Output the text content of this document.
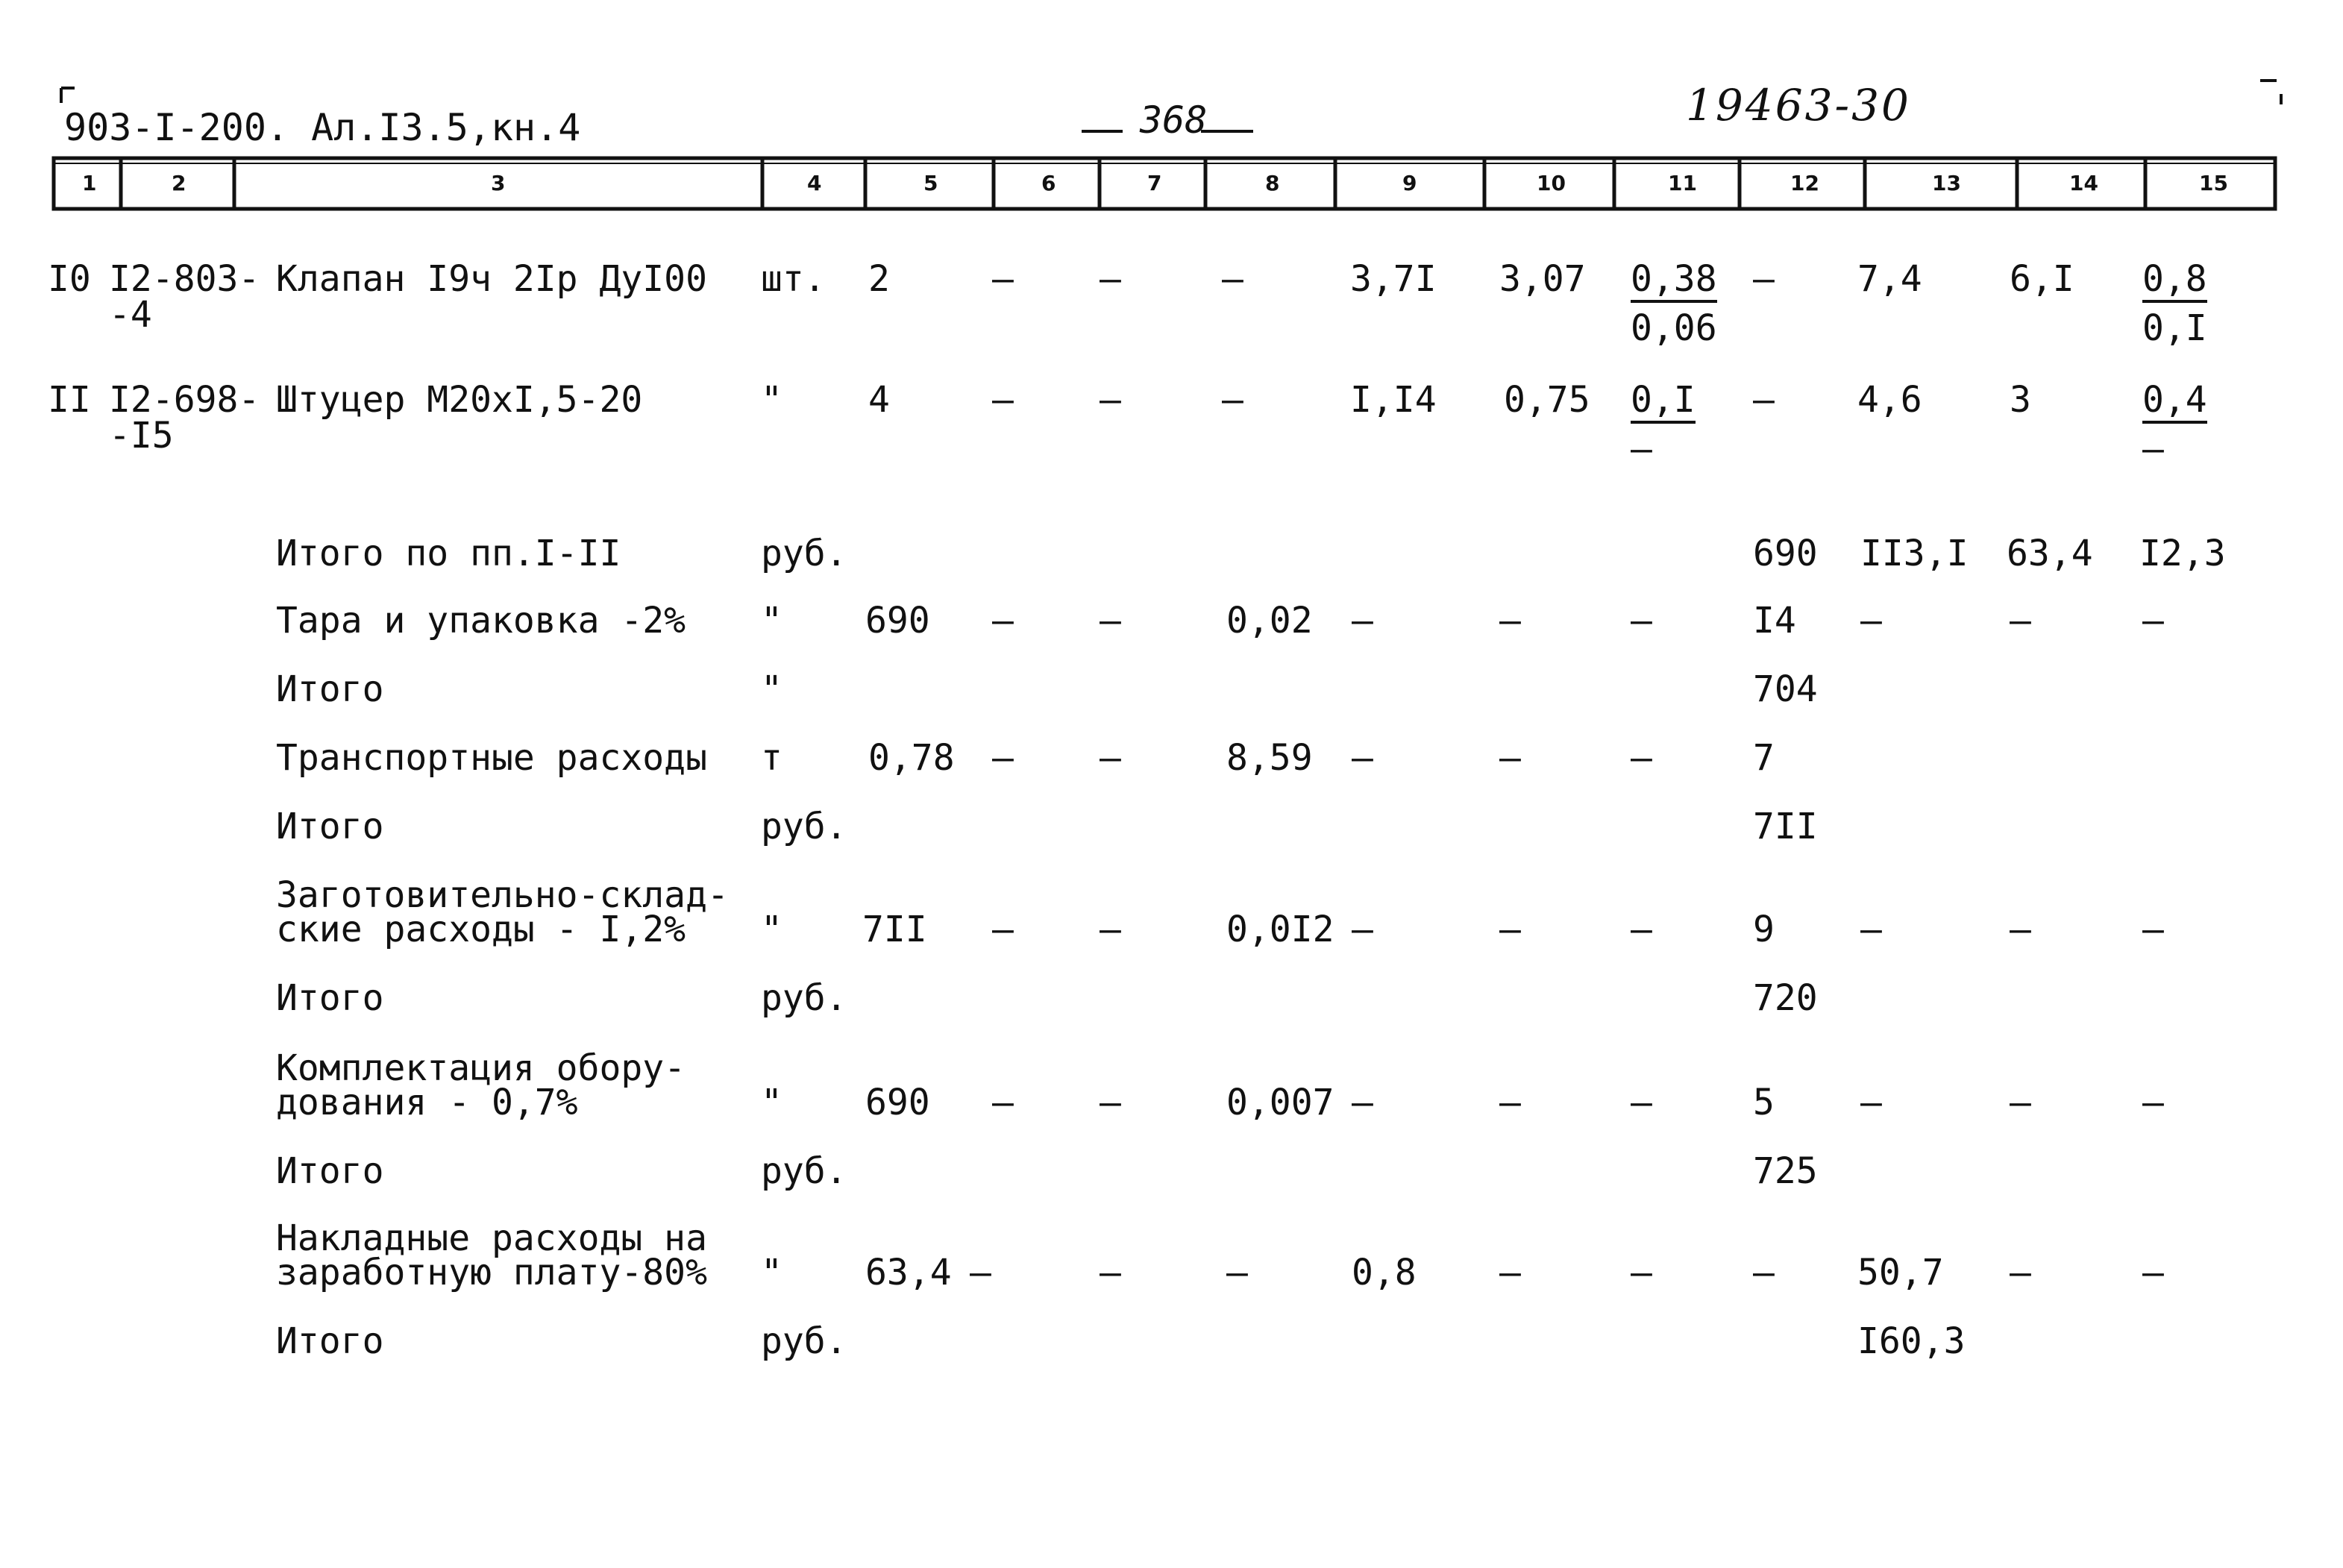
903-I-200. Ал.I3.5,кн.4	368	19463-30
1	2	3	4	5	6	7	8	9	10	11	12	13	14	15
I0 I2-803-
-4
Клапан I9ч 2Iр ДуI00 шт. 2	– –	–	3,7I 3,07 0,38
0,06
– 7,4 6,I 0,8
0,I
II I2-698-
-I5
Штуцер М20хI,5-20	" 4	– –	–	I,I4 0,75 0,I
–
– 4,6 3	0,4
–
Итого по пп.I-II	руб.	690 II3,I 63,4 I2,3
Тара и упаковка -2% " 690 – –	0,02 –	–	–	I4 –	–	–
Итого	"	704
Транспортные расходы т 0,78 – –	8,59 –	–	–	7
Итого	руб.	7II
Заготовительно-склад-
ские расходы - I,2% " 7II – –	0,0I2 –	–	–	9 –	–	–
Итого	руб.	720
Комплектация обору-
дования - 0,7%	" 690 – –	0,007 –	–	–	5 –	–	–
Итого	руб.	725
Накладные расходы на
заработную плату-80% " 63,4 –	–	–	0,8 –	–	– 50,7 –	–
Итого	руб.	I60,3
